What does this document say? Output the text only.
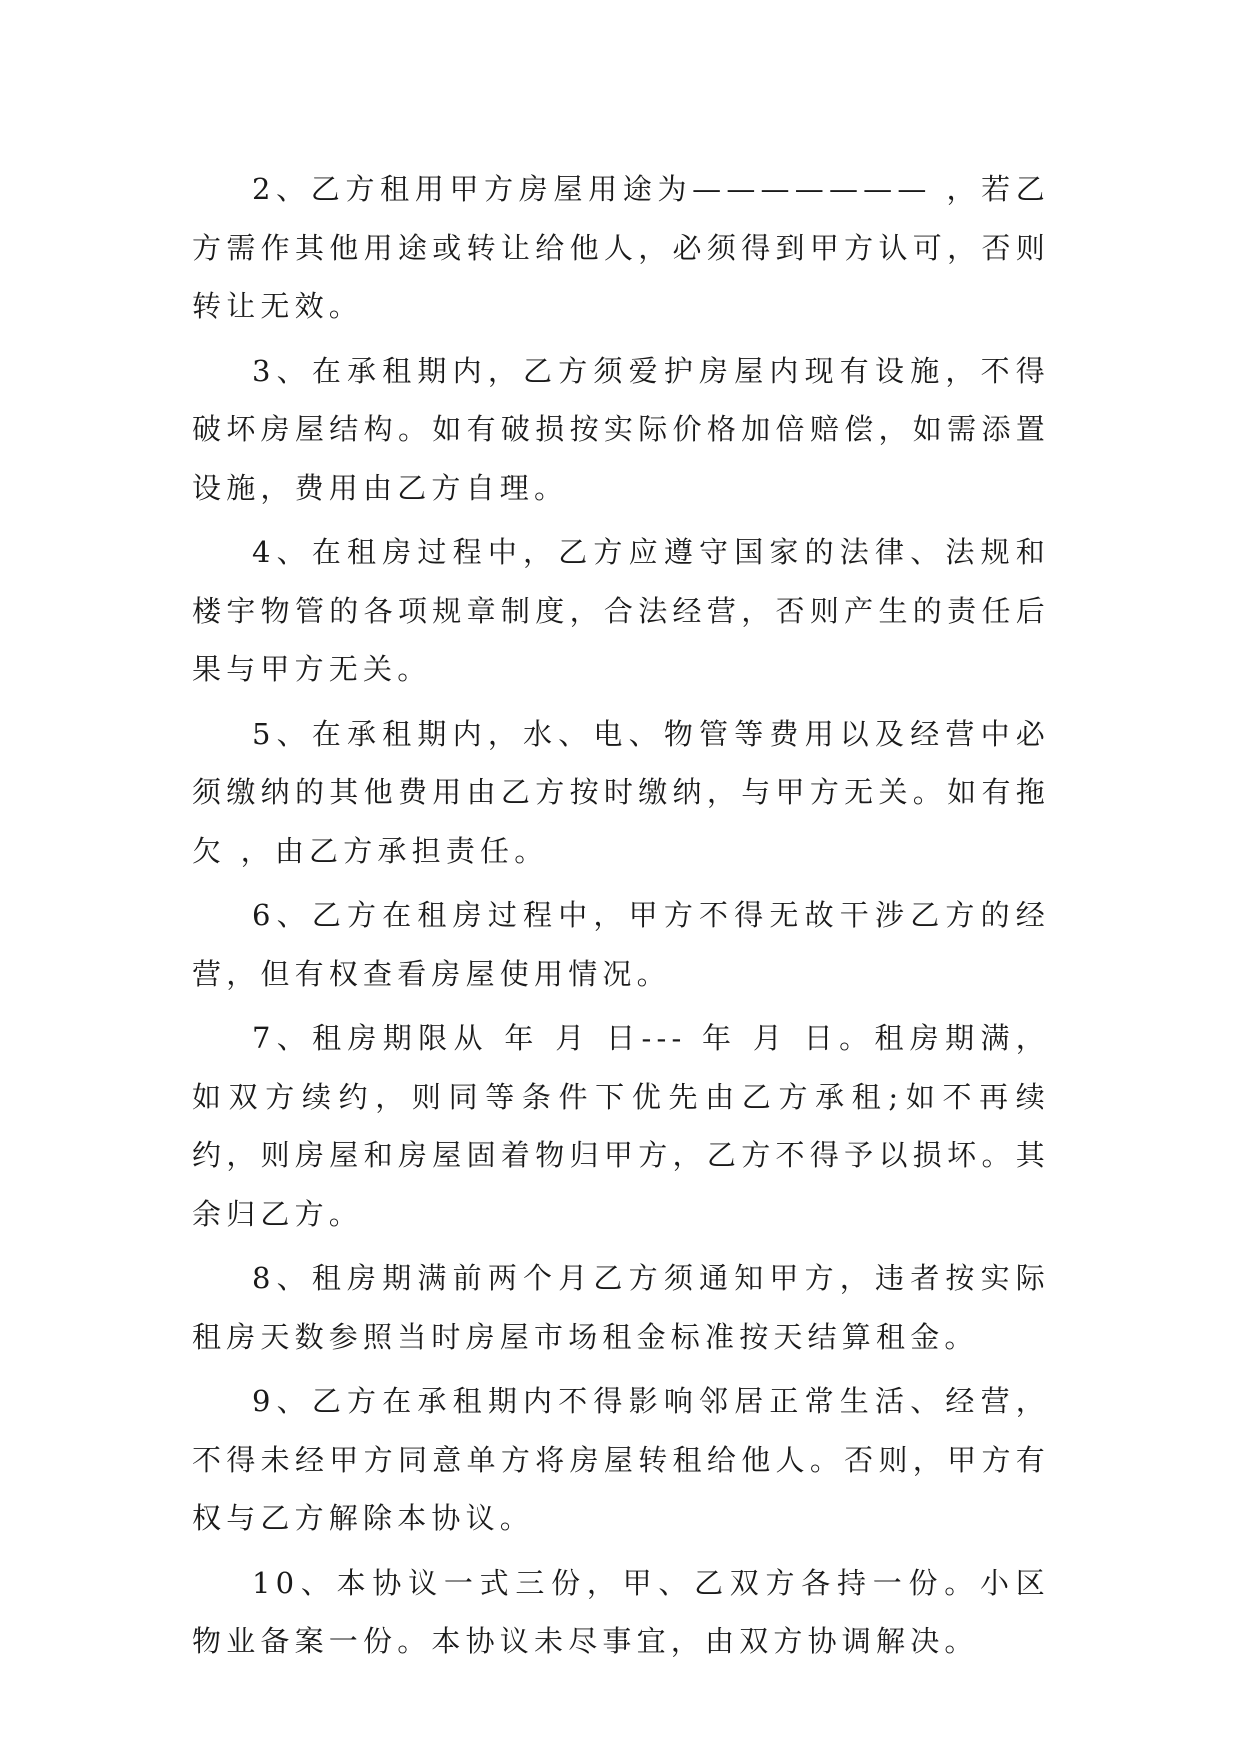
2、乙方租用甲方房屋用途为——————— ，若乙方需作其他用途或转让给他人，必须得到甲方认可，否则转让无效。

3、在承租期内，乙方须爱护房屋内现有设施，不得破坏房屋结构。如有破损按实际价格加倍赔偿，如需添置设施，费用由乙方自理。

4、在租房过程中，乙方应遵守国家的法律、法规和楼宇物管的各项规章制度，合法经营，否则产生的责任后果与甲方无关。

5、在承租期内，水、电、物管等费用以及经营中必须缴纳的其他费用由乙方按时缴纳，与甲方无关。如有拖欠 ，由乙方承担责任。

6、乙方在租房过程中，甲方不得无故干涉乙方的经营，但有权查看房屋使用情况。

7、租房期限从 年 月 日--- 年 月 日。租房期满，如双方续约，则同等条件下优先由乙方承租;如不再续约，则房屋和房屋固着物归甲方，乙方不得予以损坏。其余归乙方。

8、租房期满前两个月乙方须通知甲方，违者按实际租房天数参照当时房屋市场租金标准按天结算租金。

9、乙方在承租期内不得影响邻居正常生活、经营，不得未经甲方同意单方将房屋转租给他人。否则，甲方有权与乙方解除本协议。

10、本协议一式三份，甲、乙双方各持一份。小区物业备案一份。本协议未尽事宜，由双方协调解决。
